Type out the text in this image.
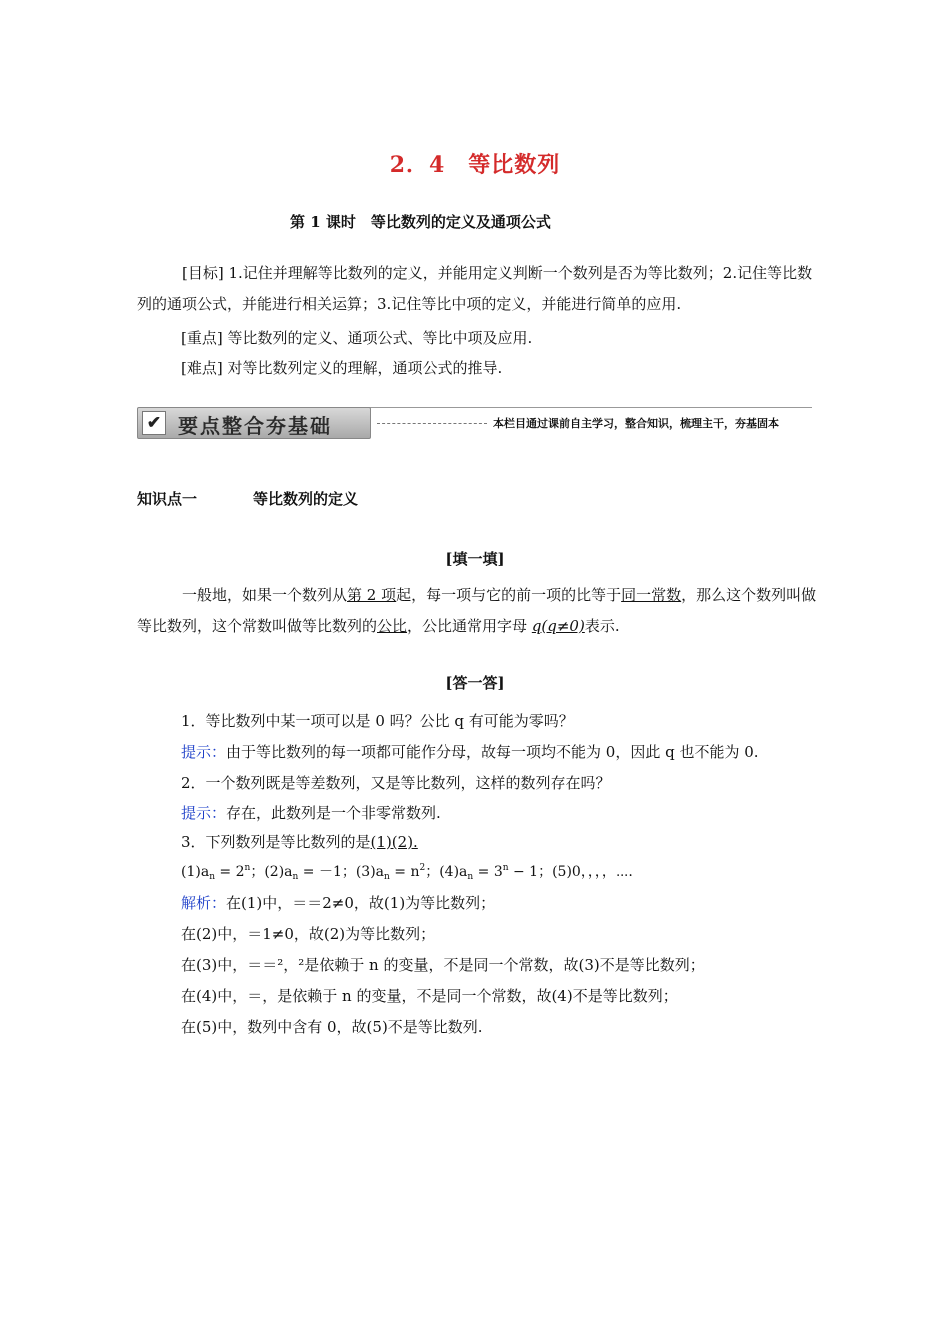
2．4　等比数列
第 1 课时　等比数列的定义及通项公式
[目标] 1.记住并理解等比数列的定义，并能用定义判断一个数列是否为等比数列；2.记住等比数列的通项公式，并能进行相关运算；3.记住等比中项的定义，并能进行简单的应用.
[重点] 等比数列的定义、通项公式、等比中项及应用.
[难点] 对等比数列定义的理解，通项公式的推导.
✔ 要点整合夯基础	本栏目通过课前自主学习，整合知识，梳理主干，夯基固本
知识点一	等比数列的定义
[填一填]
一般地，如果一个数列从第 2 项起，每一项与它的前一项的比等于同一常数，那么这个数列叫做等比数列，这个常数叫做等比数列的公比，公比通常用字母 q(q≠0)表示.
[答一答]
1．等比数列中某一项可以是 0 吗？公比 q 有可能为零吗？
提示：由于等比数列的每一项都可能作分母，故每一项均不能为 0，因此 q 也不能为 0.
2．一个数列既是等差数列，又是等比数列，这样的数列存在吗？
提示：存在，此数列是一个非零常数列.
3．下列数列是等比数列的是(1)(2).
$(1)a_n = 2^n$；$(2)a_n = -1$；$(3)a_n = n^2$；$(4)a_n = 3^n - 1$；(5)0，，，，⋯.
解析：在(1)中，＝＝2≠0，故(1)为等比数列；
在(2)中，＝1≠0，故(2)为等比数列；
在(3)中，＝＝²，²是依赖于 n 的变量，不是同一个常数，故(3)不是等比数列；
在(4)中，＝，是依赖于 n 的变量，不是同一个常数，故(4)不是等比数列；
在(5)中，数列中含有 0，故(5)不是等比数列.
